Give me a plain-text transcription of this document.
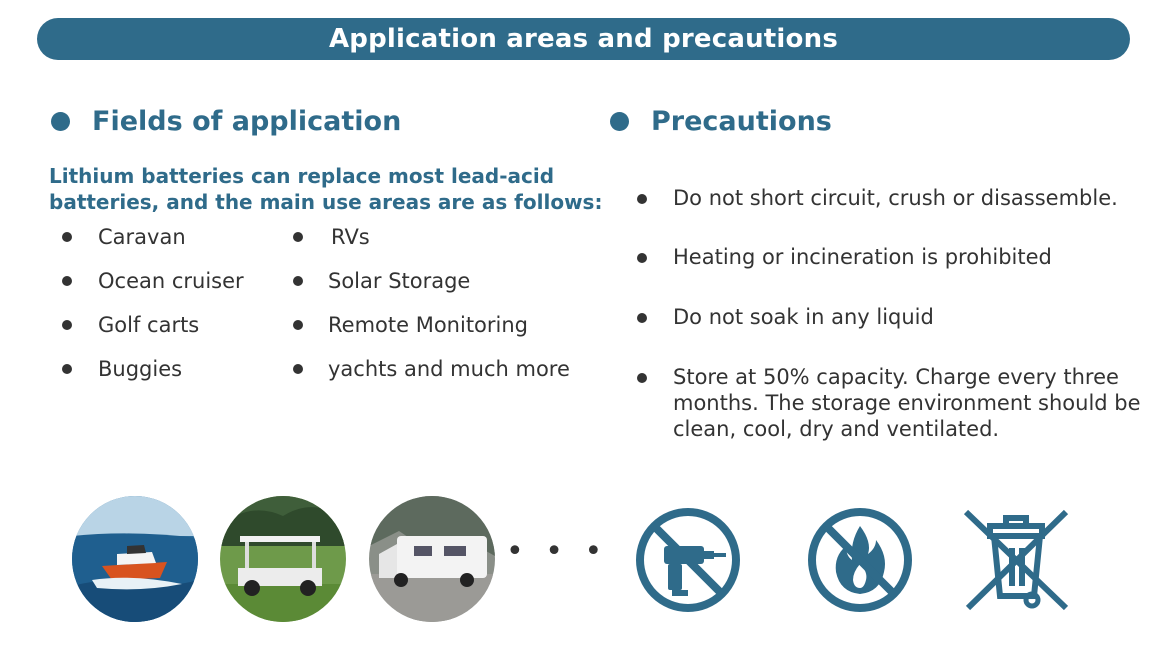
Application areas and precautions
Fields of application
Lithium batteries can replace most lead-acid
batteries, and the main use areas are as follows:
Caravan
Ocean cruiser
Golf carts
Buggies
RVs
Solar Storage
Remote Monitoring
yachts and much more
Precautions
Do not short circuit, crush or disassemble.
Heating or incineration is prohibited
Do not soak in any liquid
Store at 50% capacity. Charge every three
months. The storage environment should be
clean, cool, dry and ventilated.
• • •
